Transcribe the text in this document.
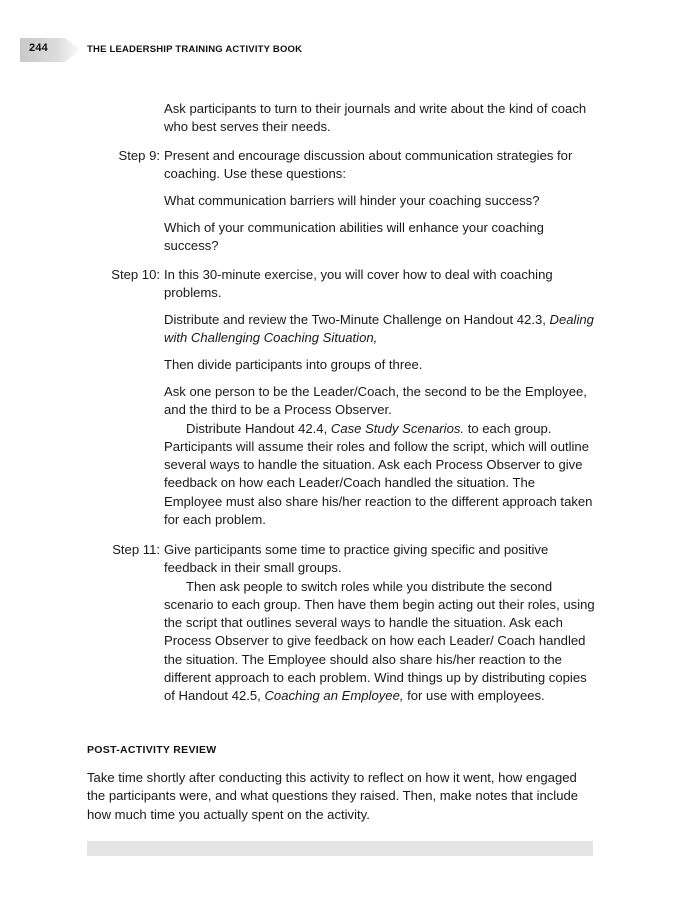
244	THE LEADERSHIP TRAINING ACTIVITY BOOK

Ask participants to turn to their journals and write about the kind of coach who best serves their needs.

Step 9: Present and encourage discussion about communication strategies for coaching. Use these questions:

What communication barriers will hinder your coaching success?

Which of your communication abilities will enhance your coaching success?

Step 10: In this 30-minute exercise, you will cover how to deal with coaching problems.

Distribute and review the Two-Minute Challenge on Handout 42.3, Dealing with Challenging Coaching Situation,

Then divide participants into groups of three.

Ask one person to be the Leader/Coach, the second to be the Employee, and the third to be a Process Observer.

Distribute Handout 42.4, Case Study Scenarios. to each group. Participants will assume their roles and follow the script, which will outline several ways to handle the situation. Ask each Process Observer to give feedback on how each Leader/Coach handled the situation. The Employee must also share his/her reaction to the different approach taken for each problem.

Step 11: Give participants some time to practice giving specific and positive feedback in their small groups.

Then ask people to switch roles while you distribute the second scenario to each group. Then have them begin acting out their roles, using the script that outlines several ways to handle the situation. Ask each Process Observer to give feedback on how each Leader/ Coach handled the situation. The Employee should also share his/her reaction to the different approach to each problem. Wind things up by distributing copies of Handout 42.5, Coaching an Employee, for use with employees.

POST-ACTIVITY REVIEW
Take time shortly after conducting this activity to reflect on how it went, how engaged the participants were, and what questions they raised. Then, make notes that include how much time you actually spent on the activity.
